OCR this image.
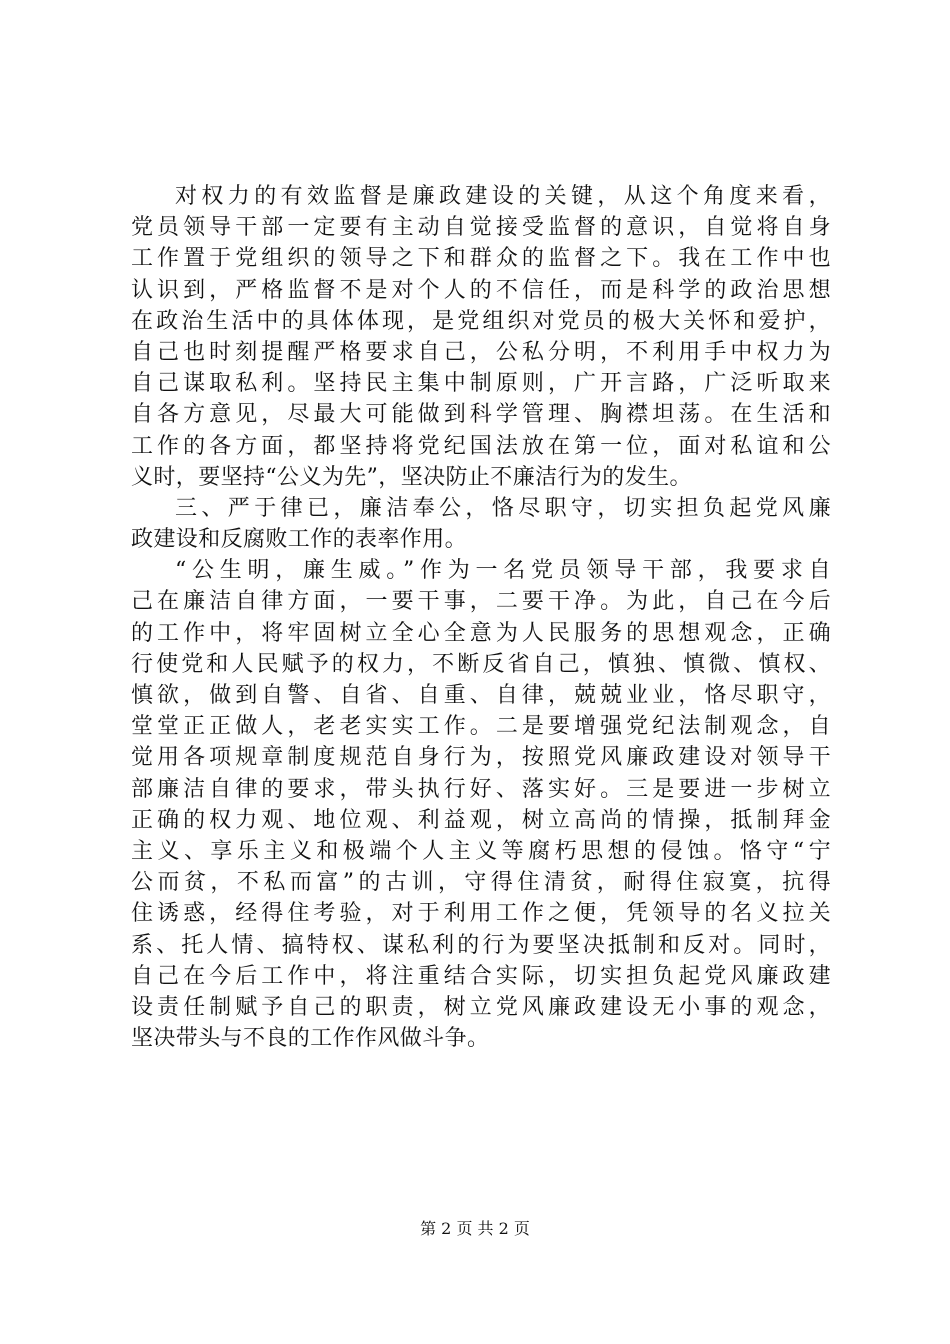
对权力的有效监督是廉政建设的关键，从这个角度来看，
党员领导干部一定要有主动自觉接受监督的意识，自觉将自身
工作置于党组织的领导之下和群众的监督之下。我在工作中也
认识到，严格监督不是对个人的不信任，而是科学的政治思想
在政治生活中的具体体现，是党组织对党员的极大关怀和爱护，
自己也时刻提醒严格要求自己，公私分明，不利用手中权力为
自己谋取私利。坚持民主集中制原则，广开言路，广泛听取来
自各方意见，尽最大可能做到科学管理、胸襟坦荡。在生活和
工作的各方面，都坚持将党纪国法放在第一位，面对私谊和公
义时，要坚持“公义为先”，坚决防止不廉洁行为的发生。
三、严于律已，廉洁奉公，恪尽职守，切实担负起党风廉
政建设和反腐败工作的表率作用。
“公生明，廉生威。”作为一名党员领导干部，我要求自
己在廉洁自律方面，一要干事，二要干净。为此，自己在今后
的工作中，将牢固树立全心全意为人民服务的思想观念，正确
行使党和人民赋予的权力，不断反省自己，慎独、慎微、慎权、
慎欲，做到自警、自省、自重、自律，兢兢业业，恪尽职守，
堂堂正正做人，老老实实工作。二是要增强党纪法制观念，自
觉用各项规章制度规范自身行为，按照党风廉政建设对领导干
部廉洁自律的要求，带头执行好、落实好。三是要进一步树立
正确的权力观、地位观、利益观，树立高尚的情操，抵制拜金
主义、享乐主义和极端个人主义等腐朽思想的侵蚀。恪守“宁
公而贫，不私而富”的古训，守得住清贫，耐得住寂寞，抗得
住诱惑，经得住考验，对于利用工作之便，凭领导的名义拉关
系、托人情、搞特权、谋私利的行为要坚决抵制和反对。同时，
自己在今后工作中，将注重结合实际，切实担负起党风廉政建
设责任制赋予自己的职责，树立党风廉政建设无小事的观念，
坚决带头与不良的工作作风做斗争。
第 2 页 共 2 页
